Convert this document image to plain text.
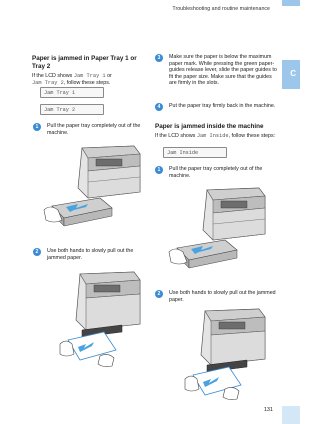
Troubleshooting and routine maintenance
C
Paper is jammed in Paper Tray 1 or Tray 2
If the LCD shows Jam Tray 1 or
Jam Tray 2, follow these steps.
Jam Tray 1
Jam Tray 2
1	Pull the paper tray completely out of the machine.
2	Use both hands to slowly pull out the jammed paper.
3	Make sure the paper is below the maximum paper mark. While pressing the green paper-guides release lever, slide the paper guides to fit the paper size. Make sure that the guides are firmly in the slots.
4	Put the paper tray firmly back in the machine.
Paper is jammed inside the machine
If the LCD shows Jam Inside, follow these steps:
Jam Inside
1	Pull the paper tray completely out of the machine.
2	Use both hands to slowly pull out the jammed paper.
131
